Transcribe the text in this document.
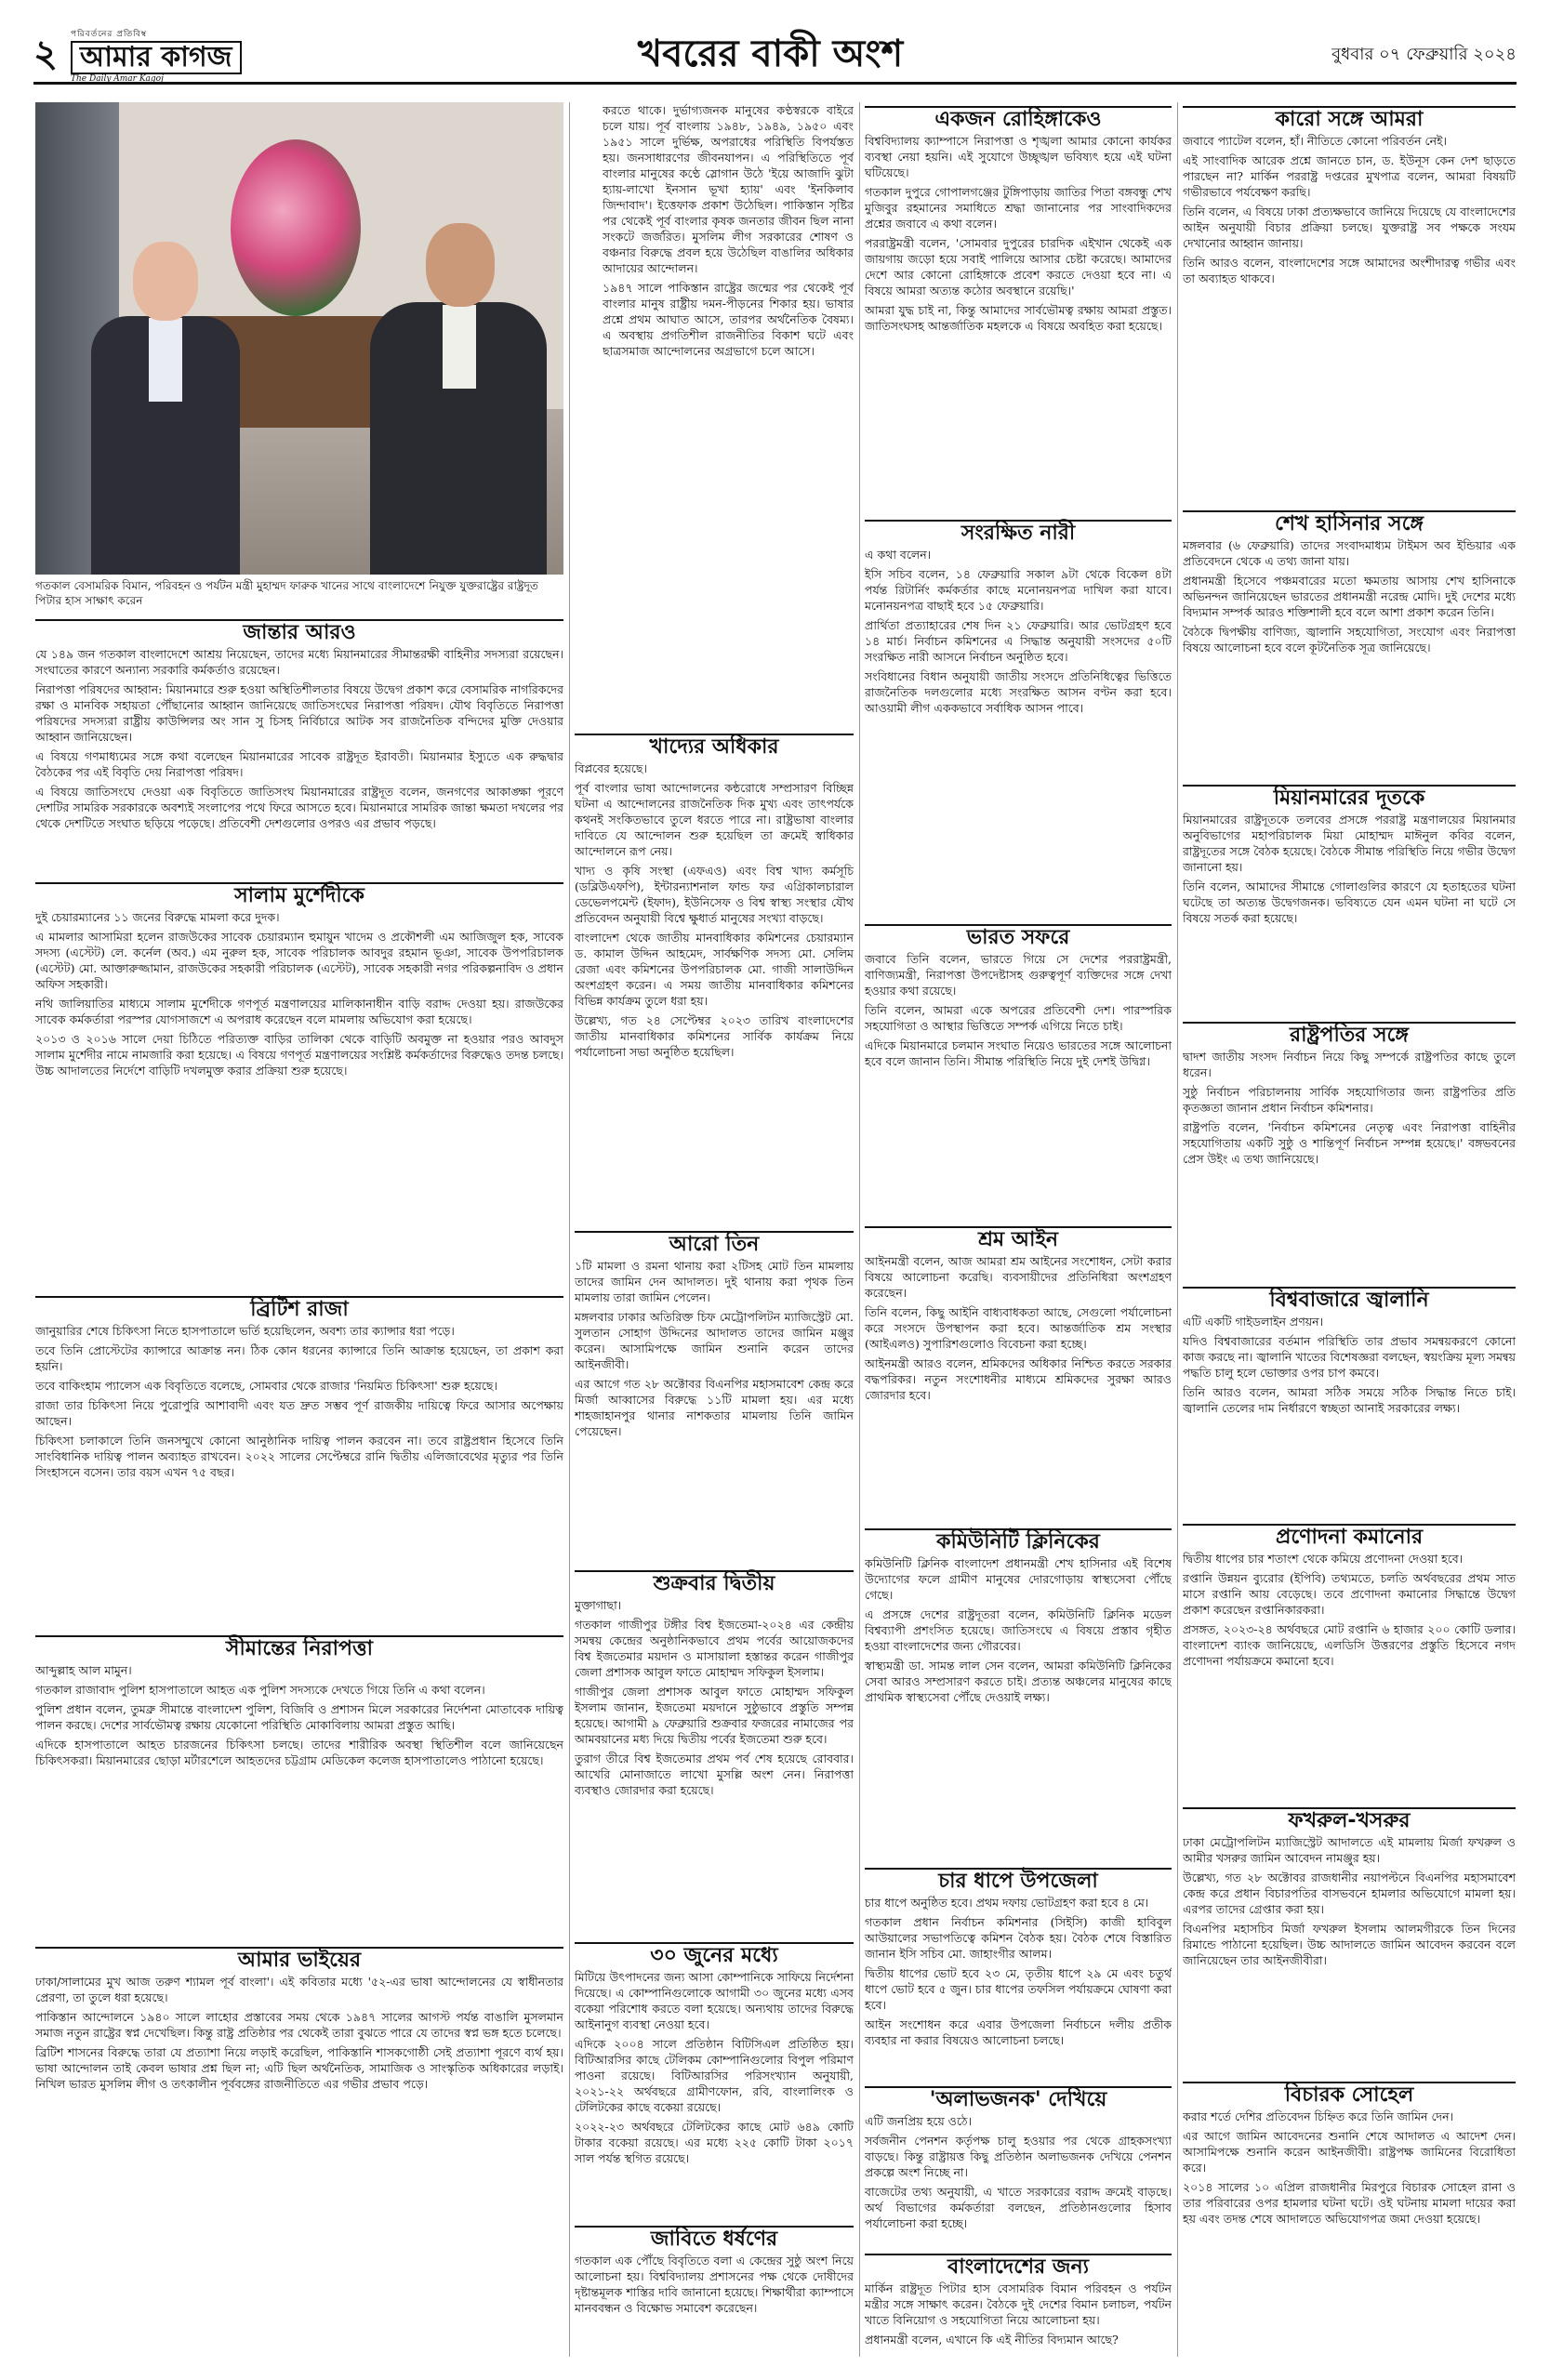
২	পরিবর্তনের প্রতিবিম্ব
আমার কাগজ
The Daily Amar Kagoj
খবরের বাকী অংশ	বুধবার ০৭ ফেব্রুয়ারি ২০২৪
গতকাল বেসামরিক বিমান, পরিবহন ও পর্যটন মন্ত্রী মুহাম্মদ ফারুক খানের সাথে বাংলাদেশে নিযুক্ত যুক্তরাষ্ট্রের রাষ্ট্রদূত পিটার হাস সাক্ষাৎ করেন

করতে থাকে। দুর্ভাগ্যজনক মানুষের কণ্ঠস্বরকে বাইরে চলে যায়। পূর্ব বাংলায় ১৯৪৮, ১৯৪৯, ১৯৫০ এবং ১৯৫১ সালে দুর্ভিক্ষ, অপরাধের পরিস্থিতি বিপর্যস্তত হয়। জনসাধারণের জীবনযাপন। এ পরিস্থিতিতে পূর্ব বাংলার মানুষের কণ্ঠে স্লোগান উঠে 'ইয়ে আজাদি ঝুটা হ্যায়-লাখো ইনসান ভূখা হ্যায়' এবং 'ইনকিলাব জিন্দাবাদ'। ইত্তেফাক প্রকাশ উঠেছিল। পাকিস্তান সৃষ্টির পর থেকেই পূর্ব বাংলার কৃষক জনতার জীবন ছিল নানা সংকটে জর্জরিত। মুসলিম লীগ সরকারের শোষণ ও বঞ্চনার বিরুদ্ধে প্রবল হয়ে উঠেছিল বাঙালির অধিকার আদায়ের আন্দোলন।

১৯৪৭ সালে পাকিস্তান রাষ্ট্রের জন্মের পর থেকেই পূর্ব বাংলার মানুষ রাষ্ট্রীয় দমন-পীড়নের শিকার হয়। ভাষার প্রশ্নে প্রথম আঘাত আসে, তারপর অর্থনৈতিক বৈষম্য। এ অবস্থায় প্রগতিশীল রাজনীতির বিকাশ ঘটে এবং ছাত্রসমাজ আন্দোলনের অগ্রভাগে চলে আসে।

জান্তার আরও

যে ১৪৯ জন গতকাল বাংলাদেশে আশ্রয় নিয়েছেন, তাদের মধ্যে মিয়ানমারের সীমান্তরক্ষী বাহিনীর সদস্যরা রয়েছেন। সংঘাতের কারণে অন্যান্য সরকারি কর্মকর্তাও রয়েছেন।

নিরাপত্তা পরিষদের আহ্বান: মিয়ানমারে শুরু হওয়া অস্থিতিশীলতার বিষয়ে উদ্বেগ প্রকাশ করে বেসামরিক নাগরিকদের রক্ষা ও মানবিক সহায়তা পৌঁছানোর আহ্বান জানিয়েছে জাতিসংঘের নিরাপত্তা পরিষদ। যৌথ বিবৃতিতে নিরাপত্তা পরিষদের সদস্যরা রাষ্ট্রীয় কাউন্সিলর অং সান সু চিসহ নির্বিচারে আটক সব রাজনৈতিক বন্দিদের মুক্তি দেওয়ার আহ্বান জানিয়েছেন।

এ বিষয়ে গণমাধ্যমের সঙ্গে কথা বলেছেন মিয়ানমারের সাবেক রাষ্ট্রদূত ইরাবতী। মিয়ানমার ইস্যুতে এক রুদ্ধদ্বার বৈঠকের পর এই বিবৃতি দেয় নিরাপত্তা পরিষদ।

এ বিষয়ে জাতিসংঘে দেওয়া এক বিবৃতিতে জাতিসংঘ মিয়ানমারের রাষ্ট্রদূত বলেন, জনগণের আকাঙ্ক্ষা পূরণে দেশটির সামরিক সরকারকে অবশ্যই সংলাপের পথে ফিরে আসতে হবে। মিয়ানমারে সামরিক জান্তা ক্ষমতা দখলের পর থেকে দেশটিতে সংঘাত ছড়িয়ে পড়েছে। প্রতিবেশী দেশগুলোর ওপরও এর প্রভাব পড়ছে।

সালাম মুর্শেদীকে

দুই চেয়ারম্যানের ১১ জনের বিরুদ্ধে মামলা করে দুদক।

এ মামলার আসামিরা হলেন রাজউকের সাবেক চেয়ারম্যান হুমায়ুন খাদেম ও প্রকৌশলী এম আজিজুল হক, সাবেক সদস্য (এস্টেট) লে. কর্নেল (অব.) এম নুরুল হক, সাবেক পরিচালক আবদুর রহমান ভূঞা, সাবেক উপপরিচালক (এস্টেট) মো. আক্তারুজ্জামান, রাজউকের সহকারী পরিচালক (এস্টেট), সাবেক সহকারী নগর পরিকল্পনাবিদ ও প্রধান অফিস সহকারী।

নথি জালিয়াতির মাধ্যমে সালাম মুর্শেদীকে গণপূর্ত মন্ত্রণালয়ের মালিকানাধীন বাড়ি বরাদ্দ দেওয়া হয়। রাজউকের সাবেক কর্মকর্তারা পরস্পর যোগসাজশে এ অপরাধ করেছেন বলে মামলায় অভিযোগ করা হয়েছে।

২০১৩ ও ২০১৬ সালে দেয়া চিঠিতে পরিত্যক্ত বাড়ির তালিকা থেকে বাড়িটি অবমুক্ত না হওয়ার পরও আবদুস সালাম মুর্শেদীর নামে নামজারি করা হয়েছে। এ বিষয়ে গণপূর্ত মন্ত্রণালয়ের সংশ্লিষ্ট কর্মকর্তাদের বিরুদ্ধেও তদন্ত চলছে। উচ্চ আদালতের নির্দেশে বাড়িটি দখলমুক্ত করার প্রক্রিয়া শুরু হয়েছে।

ব্রিটিশ রাজা

জানুয়ারির শেষে চিকিৎসা নিতে হাসপাতালে ভর্তি হয়েছিলেন, অবশ্য তার ক্যান্সার ধরা পড়ে।

তবে তিনি প্রোস্টেটের ক্যান্সারে আক্রান্ত নন। ঠিক কোন ধরনের ক্যান্সারে তিনি আক্রান্ত হয়েছেন, তা প্রকাশ করা হয়নি।

তবে বাকিংহাম প্যালেস এক বিবৃতিতে বলেছে, সোমবার থেকে রাজার 'নিয়মিত চিকিৎসা' শুরু হয়েছে।

রাজা তার চিকিৎসা নিয়ে পুরোপুরি আশাবাদী এবং যত দ্রুত সম্ভব পূর্ণ রাজকীয় দায়িত্বে ফিরে আসার অপেক্ষায় আছেন।

চিকিৎসা চলাকালে তিনি জনসম্মুখে কোনো আনুষ্ঠানিক দায়িত্ব পালন করবেন না। তবে রাষ্ট্রপ্রধান হিসেবে তিনি সাংবিধানিক দায়িত্ব পালন অব্যাহত রাখবেন। ২০২২ সালের সেপ্টেম্বরে রানি দ্বিতীয় এলিজাবেথের মৃত্যুর পর তিনি সিংহাসনে বসেন। তার বয়স এখন ৭৫ বছর।

সীমান্তের নিরাপত্তা

আব্দুল্লাহ আল মামুন।

গতকাল রাজাবাদ পুলিশ হাসপাতালে আহত এক পুলিশ সদস্যকে দেখতে গিয়ে তিনি এ কথা বলেন।

পুলিশ প্রধান বলেন, তুমব্রু সীমান্তে বাংলাদেশ পুলিশ, বিজিবি ও প্রশাসন মিলে সরকারের নির্দেশনা মোতাবেক দায়িত্ব পালন করছে। দেশের সার্বভৌমত্ব রক্ষায় যেকোনো পরিস্থিতি মোকাবিলায় আমরা প্রস্তুত আছি।

এদিকে হাসপাতালে আহত চারজনের চিকিৎসা চলছে। তাদের শারীরিক অবস্থা স্থিতিশীল বলে জানিয়েছেন চিকিৎসকরা। মিয়ানমারের ছোড়া মর্টারশেলে আহতদের চট্টগ্রাম মেডিকেল কলেজ হাসপাতালেও পাঠানো হয়েছে।

আমার ভাইয়ের

ঢাকা/সালামের মুখ আজ তরুণ শ্যামল পূর্ব বাংলা'। এই কবিতার মধ্যে '৫২-এর ভাষা আন্দোলনের যে স্বাধীনতার প্রেরণা, তা তুলে ধরা হয়েছে।

পাকিস্তান আন্দোলনে ১৯৪০ সালে লাহোর প্রস্তাবের সময় থেকে ১৯৪৭ সালের আগস্ট পর্যন্ত বাঙালি মুসলমান সমাজ নতুন রাষ্ট্রের স্বপ্ন দেখেছিল। কিন্তু রাষ্ট্র প্রতিষ্ঠার পর থেকেই তারা বুঝতে পারে যে তাদের স্বপ্ন ভঙ্গ হতে চলেছে।

ব্রিটিশ শাসনের বিরুদ্ধে তারা যে প্রত্যাশা নিয়ে লড়াই করেছিল, পাকিস্তানি শাসকগোষ্ঠী সেই প্রত্যাশা পূরণে ব্যর্থ হয়। ভাষা আন্দোলন তাই কেবল ভাষার প্রশ্ন ছিল না; এটি ছিল অর্থনৈতিক, সামাজিক ও সাংস্কৃতিক অধিকারের লড়াই। নিখিল ভারত মুসলিম লীগ ও তৎকালীন পূর্ববঙ্গের রাজনীতিতে এর গভীর প্রভাব পড়ে।

খাদ্যের অধিকার

বিপ্লবের হয়েছে।

পূর্ব বাংলার ভাষা আন্দোলনের কন্ঠরোধে সম্প্রসারণ বিচ্ছিন্ন ঘটনা এ আন্দোলনের রাজনৈতিক দিক মুখ্য এবং তাৎপর্যকে কথনই সংকিতভাবে তুলে ধরতে পারে না। রাষ্ট্রভাষা বাংলার দাবিতে যে আন্দোলন শুরু হয়েছিল তা ক্রমেই স্বাধিকার আন্দোলনে রূপ নেয়।

খাদ্য ও কৃষি সংস্থা (এফএও) এবং বিশ্ব খাদ্য কর্মসূচি (ডব্লিউএফপি), ইন্টারন্যাশনাল ফান্ড ফর এগ্রিকালচারাল ডেভেলপমেন্ট (ইফাদ), ইউনিসেফ ও বিশ্ব স্বাস্থ্য সংস্থার যৌথ প্রতিবেদন অনুযায়ী বিশ্বে ক্ষুধার্ত মানুষের সংখ্যা বাড়ছে।

বাংলাদেশ থেকে জাতীয় মানবাধিকার কমিশনের চেয়ারম্যান ড. কামাল উদ্দিন আহমেদ, সার্বক্ষণিক সদস্য মো. সেলিম রেজা এবং কমিশনের উপপরিচালক মো. গাজী সালাউদ্দিন অংশগ্রহণ করেন। এ সময় জাতীয় মানবাধিকার কমিশনের বিভিন্ন কার্যক্রম তুলে ধরা হয়।

উল্লেখ্য, গত ২৪ সেপ্টেম্বর ২০২৩ তারিখ বাংলাদেশের জাতীয় মানবাধিকার কমিশনের সার্বিক কার্যক্রম নিয়ে পর্যালোচনা সভা অনুষ্ঠিত হয়েছিল।

আরো তিন

১টি মামলা ও রমনা থানায় করা ২টিসহ মোট তিন মামলায় তাদের জামিন দেন আদালত। দুই থানায় করা পৃথক তিন মামলায় তারা জামিন পেলেন।

মঙ্গলবার ঢাকার অতিরিক্ত চিফ মেট্রোপলিটন ম্যাজিস্ট্রেট মো. সুলতান সোহাগ উদ্দিনের আদালত তাদের জামিন মঞ্জুর করেন। আসামিপক্ষে জামিন শুনানি করেন তাদের আইনজীবী।

এর আগে গত ২৮ অক্টোবর বিএনপির মহাসমাবেশ কেন্দ্র করে মির্জা আব্বাসের বিরুদ্ধে ১১টি মামলা হয়। এর মধ্যে শাহজাহানপুর থানার নাশকতার মামলায় তিনি জামিন পেয়েছেন।

শুক্রবার দ্বিতীয়

মুক্তাগাছা।

গতকাল গাজীপুর টঙ্গীর বিশ্ব ইজতেমা-২০২৪ এর কেন্দ্রীয় সমন্বয় কেন্দ্রের অনুষ্ঠানিকভাবে প্রথম পর্বের আয়োজকদের বিশ্ব ইজতেমার ময়দান ও মাসায়ালা হস্তান্তর করেন গাজীপুর জেলা প্রশাসক আবুল ফাতে মোহাম্মদ সফিকুল ইসলাম।

গাজীপুর জেলা প্রশাসক আবুল ফাতে মোহাম্মদ সফিকুল ইসলাম জানান, ইজতেমা ময়দানে সুষ্ঠুভাবে প্রস্তুতি সম্পন্ন হয়েছে। আগামী ৯ ফেব্রুয়ারি শুক্রবার ফজরের নামাজের পর আমবয়ানের মধ্য দিয়ে দ্বিতীয় পর্বের ইজতেমা শুরু হবে।

তুরাগ তীরে বিশ্ব ইজতেমার প্রথম পর্ব শেষ হয়েছে রোববার। আখেরি মোনাজাতে লাখো মুসল্লি অংশ নেন। নিরাপত্তা ব্যবস্থাও জোরদার করা হয়েছে।

৩০ জুনের মধ্যে

মিটিয়ে উৎপাদনের জন্য আসা কোম্পানিকে সাফিয়ে নির্দেশনা দিয়েছে। এ কোম্পানিগুলোকে আগামী ৩০ জুনের মধ্যে এসব বকেয়া পরিশোধ করতে বলা হয়েছে। অন্যথায় তাদের বিরুদ্ধে আইনানুগ ব্যবস্থা নেওয়া হবে।

এদিকে ২০০৪ সালে প্রতিষ্ঠান বিটিসিএল প্রতিষ্ঠিত হয়। বিটিআরসির কাছে টেলিকম কোম্পানিগুলোর বিপুল পরিমাণ পাওনা রয়েছে। বিটিআরসির পরিসংখ্যান অনুযায়ী, ২০২১-২২ অর্থবছরে গ্রামীণফোন, রবি, বাংলালিংক ও টেলিটকের কাছে বকেয়া রয়েছে।

২০২২-২৩ অর্থবছরে টেলিটকের কাছে মোট ৬৪৯ কোটি টাকার বকেয়া রয়েছে। এর মধ্যে ২২৫ কোটি টাকা ২০১৭ সাল পর্যন্ত স্থগিত রয়েছে।

জাবিতে ধর্ষণের

গতকাল এক পৌঁছে বিবৃতিতে বলা এ কেন্দ্রের সুষ্ঠু অংশ নিয়ে আলোচনা হয়। বিশ্ববিদ্যালয় প্রশাসনের পক্ষ থেকে দোষীদের দৃষ্টান্তমূলক শাস্তির দাবি জানানো হয়েছে। শিক্ষার্থীরা ক্যাম্পাসে মানববন্ধন ও বিক্ষোভ সমাবেশ করেছেন।

একজন রোহিঙ্গাকেও

বিশ্ববিদ্যালয় ক্যাম্পাসে নিরাপত্তা ও শৃঙ্খলা আমার কোনো কার্যকর ব্যবস্থা নেয়া হয়নি। এই সুযোগে উচ্ছৃঙ্খল ভবিষ্যৎ হয়ে এই ঘটনা ঘটিয়েছে।

গতকাল দুপুরে গোপালগঞ্জের টুঙ্গিপাড়ায় জাতির পিতা বঙ্গবন্ধু শেখ মুজিবুর রহমানের সমাধিতে শ্রদ্ধা জানানোর পর সাংবাদিকদের প্রশ্নের জবাবে এ কথা বলেন।

পররাষ্ট্রমন্ত্রী বলেন, 'সোমবার দুপুরের চারদিক এইখান থেকেই এক জায়গায় জড়ো হয়ে সবাই পালিয়ে আসার চেষ্টা করেছে। আমাদের দেশে আর কোনো রোহিঙ্গাকে প্রবেশ করতে দেওয়া হবে না। এ বিষয়ে আমরা অত্যন্ত কঠোর অবস্থানে রয়েছি।'

আমরা যুদ্ধ চাই না, কিন্তু আমাদের সার্বভৌমত্ব রক্ষায় আমরা প্রস্তুত। জাতিসংঘসহ আন্তর্জাতিক মহলকে এ বিষয়ে অবহিত করা হয়েছে।

সংরক্ষিত নারী

এ কথা বলেন।

ইসি সচিব বলেন, ১৪ ফেব্রুয়ারি সকাল ৯টা থেকে বিকেল ৪টা পর্যন্ত রিটার্নিং কর্মকর্তার কাছে মনোনয়নপত্র দাখিল করা যাবে। মনোনয়নপত্র বাছাই হবে ১৫ ফেব্রুয়ারি।

প্রার্থিতা প্রত্যাহারের শেষ দিন ২১ ফেব্রুয়ারি। আর ভোটগ্রহণ হবে ১৪ মার্চ। নির্বাচন কমিশনের এ সিদ্ধান্ত অনুযায়ী সংসদের ৫০টি সংরক্ষিত নারী আসনে নির্বাচন অনুষ্ঠিত হবে।

সংবিধানের বিধান অনুযায়ী জাতীয় সংসদে প্রতিনিধিত্বের ভিত্তিতে রাজনৈতিক দলগুলোর মধ্যে সংরক্ষিত আসন বণ্টন করা হবে। আওয়ামী লীগ এককভাবে সর্বাধিক আসন পাবে।

ভারত সফরে

জবাবে তিনি বলেন, ভারতে গিয়ে সে দেশের পররাষ্ট্রমন্ত্রী, বাণিজ্যমন্ত্রী, নিরাপত্তা উপদেষ্টাসহ গুরুত্বপূর্ণ ব্যক্তিদের সঙ্গে দেখা হওয়ার কথা রয়েছে।

তিনি বলেন, আমরা একে অপরের প্রতিবেশী দেশ। পারস্পরিক সহযোগিতা ও আস্থার ভিত্তিতে সম্পর্ক এগিয়ে নিতে চাই।

এদিকে মিয়ানমারে চলমান সংঘাত নিয়েও ভারতের সঙ্গে আলোচনা হবে বলে জানান তিনি। সীমান্ত পরিস্থিতি নিয়ে দুই দেশই উদ্বিগ্ন।

শ্রম আইন

আইনমন্ত্রী বলেন, আজ আমরা শ্রম আইনের সংশোধন, সেটা করার বিষয়ে আলোচনা করেছি। ব্যবসায়ীদের প্রতিনিধিরা অংশগ্রহণ করেছেন।

তিনি বলেন, কিছু আইনি বাধ্যবাধকতা আছে, সেগুলো পর্যালোচনা করে সংসদে উপস্থাপন করা হবে। আন্তর্জাতিক শ্রম সংস্থার (আইএলও) সুপারিশগুলোও বিবেচনা করা হচ্ছে।

আইনমন্ত্রী আরও বলেন, শ্রমিকদের অধিকার নিশ্চিত করতে সরকার বদ্ধপরিকর। নতুন সংশোধনীর মাধ্যমে শ্রমিকদের সুরক্ষা আরও জোরদার হবে।

কমিউনিটি ক্লিনিকের

কমিউনিটি ক্লিনিক বাংলাদেশ প্রধানমন্ত্রী শেখ হাসিনার এই বিশেষ উদ্যোগের ফলে গ্রামীণ মানুষের দোরগোড়ায় স্বাস্থ্যসেবা পৌঁছে গেছে।

এ প্রসঙ্গে দেশের রাষ্ট্রদূতরা বলেন, কমিউনিটি ক্লিনিক মডেল বিশ্বব্যাপী প্রশংসিত হয়েছে। জাতিসংঘে এ বিষয়ে প্রস্তাব গৃহীত হওয়া বাংলাদেশের জন্য গৌরবের।

স্বাস্থ্যমন্ত্রী ডা. সামন্ত লাল সেন বলেন, আমরা কমিউনিটি ক্লিনিকের সেবা আরও সম্প্রসারণ করতে চাই। প্রত্যন্ত অঞ্চলের মানুষের কাছে প্রাথমিক স্বাস্থ্যসেবা পৌঁছে দেওয়াই লক্ষ্য।

চার ধাপে উপজেলা

চার ধাপে অনুষ্ঠিত হবে। প্রথম দফায় ভোটগ্রহণ করা হবে ৪ মে।

গতকাল প্রধান নির্বাচন কমিশনার (সিইসি) কাজী হাবিবুল আউয়ালের সভাপতিত্বে কমিশন বৈঠক হয়। বৈঠক শেষে বিস্তারিত জানান ইসি সচিব মো. জাহাংগীর আলম।

দ্বিতীয় ধাপের ভোট হবে ২৩ মে, তৃতীয় ধাপে ২৯ মে এবং চতুর্থ ধাপে ভোট হবে ৫ জুন। চার ধাপের তফসিল পর্যায়ক্রমে ঘোষণা করা হবে।

আইন সংশোধন করে এবার উপজেলা নির্বাচনে দলীয় প্রতীক ব্যবহার না করার বিষয়েও আলোচনা চলছে।

'অলাভজনক' দেখিয়ে

এটি জনপ্রিয় হয়ে ওঠে।

সর্বজনীন পেনশন কর্তৃপক্ষ চালু হওয়ার পর থেকে গ্রাহকসংখ্যা বাড়ছে। কিন্তু রাষ্ট্রায়ত্ত কিছু প্রতিষ্ঠান অলাভজনক দেখিয়ে পেনশন প্রকল্পে অংশ নিচ্ছে না।

বাজেটের তথ্য অনুযায়ী, এ খাতে সরকারের বরাদ্দ ক্রমেই বাড়ছে। অর্থ বিভাগের কর্মকর্তারা বলছেন, প্রতিষ্ঠানগুলোর হিসাব পর্যালোচনা করা হচ্ছে।

বাংলাদেশের জন্য

মার্কিন রাষ্ট্রদূত পিটার হাস বেসামরিক বিমান পরিবহন ও পর্যটন মন্ত্রীর সঙ্গে সাক্ষাৎ করেন। বৈঠকে দুই দেশের বিমান চলাচল, পর্যটন খাতে বিনিয়োগ ও সহযোগিতা নিয়ে আলোচনা হয়।

প্রধানমন্ত্রী বলেন, এখানে কি এই নীতির বিদ্যমান আছে?

কারো সঙ্গে আমরা

জবাবে প্যাটেল বলেন, হাঁ। নীতিতে কোনো পরিবর্তন নেই।

এই সাংবাদিক আরেক প্রশ্নে জানতে চান, ড. ইউনূস কেন দেশ ছাড়তে পারছেন না? মার্কিন পররাষ্ট্র দপ্তরের মুখপাত্র বলেন, আমরা বিষয়টি গভীরভাবে পর্যবেক্ষণ করছি।

তিনি বলেন, এ বিষয়ে ঢাকা প্রত্যক্ষভাবে জানিয়ে দিয়েছে যে বাংলাদেশের আইন অনুযায়ী বিচার প্রক্রিয়া চলছে। যুক্তরাষ্ট্র সব পক্ষকে সংযম দেখানোর আহ্বান জানায়।

তিনি আরও বলেন, বাংলাদেশের সঙ্গে আমাদের অংশীদারত্ব গভীর এবং তা অব্যাহত থাকবে।

শেখ হাসিনার সঙ্গে

মঙ্গলবার (৬ ফেব্রুয়ারি) তাদের সংবাদমাধ্যম টাইমস অব ইন্ডিয়ার এক প্রতিবেদনে থেকে এ তথ্য জানা যায়।

প্রধানমন্ত্রী হিসেবে পঞ্চমবারের মতো ক্ষমতায় আসায় শেখ হাসিনাকে অভিনন্দন জানিয়েছেন ভারতের প্রধানমন্ত্রী নরেন্দ্র মোদি। দুই দেশের মধ্যে বিদ্যমান সম্পর্ক আরও শক্তিশালী হবে বলে আশা প্রকাশ করেন তিনি।

বৈঠকে দ্বিপক্ষীয় বাণিজ্য, জ্বালানি সহযোগিতা, সংযোগ এবং নিরাপত্তা বিষয়ে আলোচনা হবে বলে কূটনৈতিক সূত্র জানিয়েছে।

মিয়ানমারের দূতকে

মিয়ানমারের রাষ্ট্রদূতকে তলবের প্রসঙ্গে পররাষ্ট্র মন্ত্রণালয়ের মিয়ানমার অনুবিভাগের মহাপরিচালক মিয়া মোহাম্মদ মাঈনুল কবির বলেন, রাষ্ট্রদূতের সঙ্গে বৈঠক হয়েছে। বৈঠকে সীমান্ত পরিস্থিতি নিয়ে গভীর উদ্বেগ জানানো হয়।

তিনি বলেন, আমাদের সীমান্তে গোলাগুলির কারণে যে হতাহতের ঘটনা ঘটেছে তা অত্যন্ত উদ্বেগজনক। ভবিষ্যতে যেন এমন ঘটনা না ঘটে সে বিষয়ে সতর্ক করা হয়েছে।

রাষ্ট্রপতির সঙ্গে

দ্বাদশ জাতীয় সংসদ নির্বাচন নিয়ে কিছু সম্পর্কে রাষ্ট্রপতির কাছে তুলে ধরেন।

সুষ্ঠু নির্বাচন পরিচালনায় সার্বিক সহযোগিতার জন্য রাষ্ট্রপতির প্রতি কৃতজ্ঞতা জানান প্রধান নির্বাচন কমিশনার।

রাষ্ট্রপতি বলেন, 'নির্বাচন কমিশনের নেতৃত্ব এবং নিরাপত্তা বাহিনীর সহযোগিতায় একটি সুষ্ঠু ও শান্তিপূর্ণ নির্বাচন সম্পন্ন হয়েছে।' বঙ্গভবনের প্রেস উইং এ তথ্য জানিয়েছে।

বিশ্ববাজারে জ্বালানি

এটি একটি গাইডলাইন প্রণয়ন।

যদিও বিশ্ববাজারের বর্তমান পরিস্থিতি তার প্রভাব সমন্বয়করণে কোনো কাজ করছে না। জ্বালানি খাতের বিশেষজ্ঞরা বলছেন, স্বয়ংক্রিয় মূল্য সমন্বয় পদ্ধতি চালু হলে ভোক্তার ওপর চাপ কমবে।

তিনি আরও বলেন, আমরা সঠিক সময়ে সঠিক সিদ্ধান্ত নিতে চাই। জ্বালানি তেলের দাম নির্ধারণে স্বচ্ছতা আনাই সরকারের লক্ষ্য।

প্রণোদনা কমানোর

দ্বিতীয় ধাপের চার শতাংশ থেকে কমিয়ে প্রণোদনা দেওয়া হবে।

রপ্তানি উন্নয়ন ব্যুরোর (ইপিবি) তথ্যমতে, চলতি অর্থবছরের প্রথম সাত মাসে রপ্তানি আয় বেড়েছে। তবে প্রণোদনা কমানোর সিদ্ধান্তে উদ্বেগ প্রকাশ করেছেন রপ্তানিকারকরা।

প্রসঙ্গত, ২০২৩-২৪ অর্থবছরে মোট রপ্তানি ৬ হাজার ২০০ কোটি ডলার। বাংলাদেশ ব্যাংক জানিয়েছে, এলডিসি উত্তরণের প্রস্তুতি হিসেবে নগদ প্রণোদনা পর্যায়ক্রমে কমানো হবে।

ফখরুল-খসরুর

ঢাকা মেট্রোপলিটন ম্যাজিস্ট্রেট আদালতে এই মামলায় মির্জা ফখরুল ও আমীর খসরুর জামিন আবেদন নামঞ্জুর হয়।

উল্লেখ্য, গত ২৮ অক্টোবর রাজধানীর নয়াপল্টনে বিএনপির মহাসমাবেশ কেন্দ্র করে প্রধান বিচারপতির বাসভবনে হামলার অভিযোগে মামলা হয়। এরপর তাদের গ্রেপ্তার করা হয়।

বিএনপির মহাসচিব মির্জা ফখরুল ইসলাম আলমগীরকে তিন দিনের রিমান্ডে পাঠানো হয়েছিল। উচ্চ আদালতে জামিন আবেদন করবেন বলে জানিয়েছেন তার আইনজীবীরা।

বিচারক সোহেল

করার শর্তে দেশির প্রতিবেদন চিহ্নিত করে তিনি জামিন দেন।

এর আগে জামিন আবেদনের শুনানি শেষে আদালত এ আদেশ দেন। আসামিপক্ষে শুনানি করেন আইনজীবী। রাষ্ট্রপক্ষ জামিনের বিরোধিতা করে।

২০১৪ সালের ১০ এপ্রিল রাজধানীর মিরপুরে বিচারক সোহেল রানা ও তার পরিবারের ওপর হামলার ঘটনা ঘটে। ওই ঘটনায় মামলা দায়ের করা হয় এবং তদন্ত শেষে আদালতে অভিযোগপত্র জমা দেওয়া হয়েছে।
